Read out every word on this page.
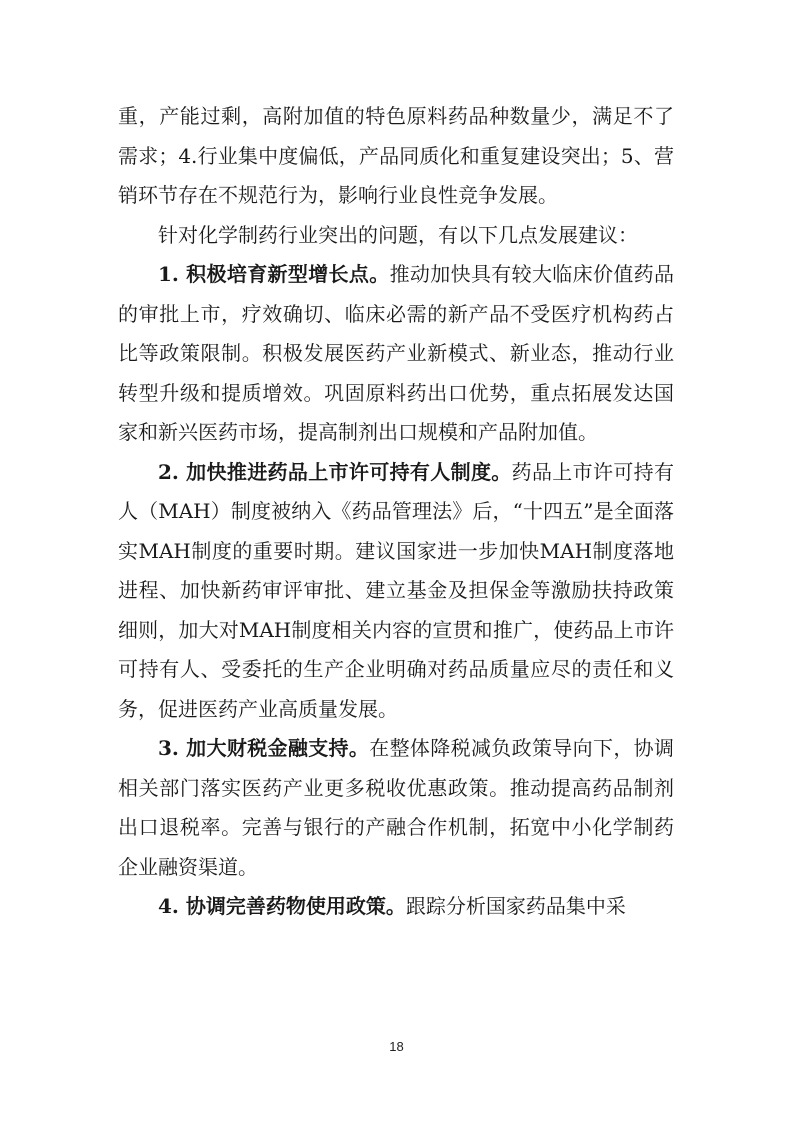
重，产能过剩，高附加值的特色原料药品种数量少，满足不了需求；4.行业集中度偏低，产品同质化和重复建设突出；5、营销环节存在不规范行为，影响行业良性竞争发展。

针对化学制药行业突出的问题，有以下几点发展建议：

1. 积极培育新型增长点。推动加快具有较大临床价值药品的审批上市，疗效确切、临床必需的新产品不受医疗机构药占比等政策限制。积极发展医药产业新模式、新业态，推动行业转型升级和提质增效。巩固原料药出口优势，重点拓展发达国家和新兴医药市场，提高制剂出口规模和产品附加值。

2. 加快推进药品上市许可持有人制度。药品上市许可持有人（MAH）制度被纳入《药品管理法》后，“十四五”是全面落实MAH制度的重要时期。建议国家进一步加快MAH制度落地进程、加快新药审评审批、建立基金及担保金等激励扶持政策细则，加大对MAH制度相关内容的宣贯和推广，使药品上市许可持有人、受委托的生产企业明确对药品质量应尽的责任和义务，促进医药产业高质量发展。

3. 加大财税金融支持。在整体降税减负政策导向下，协调相关部门落实医药产业更多税收优惠政策。推动提高药品制剂出口退税率。完善与银行的产融合作机制，拓宽中小化学制药企业融资渠道。

4. 协调完善药物使用政策。跟踪分析国家药品集中采

18
